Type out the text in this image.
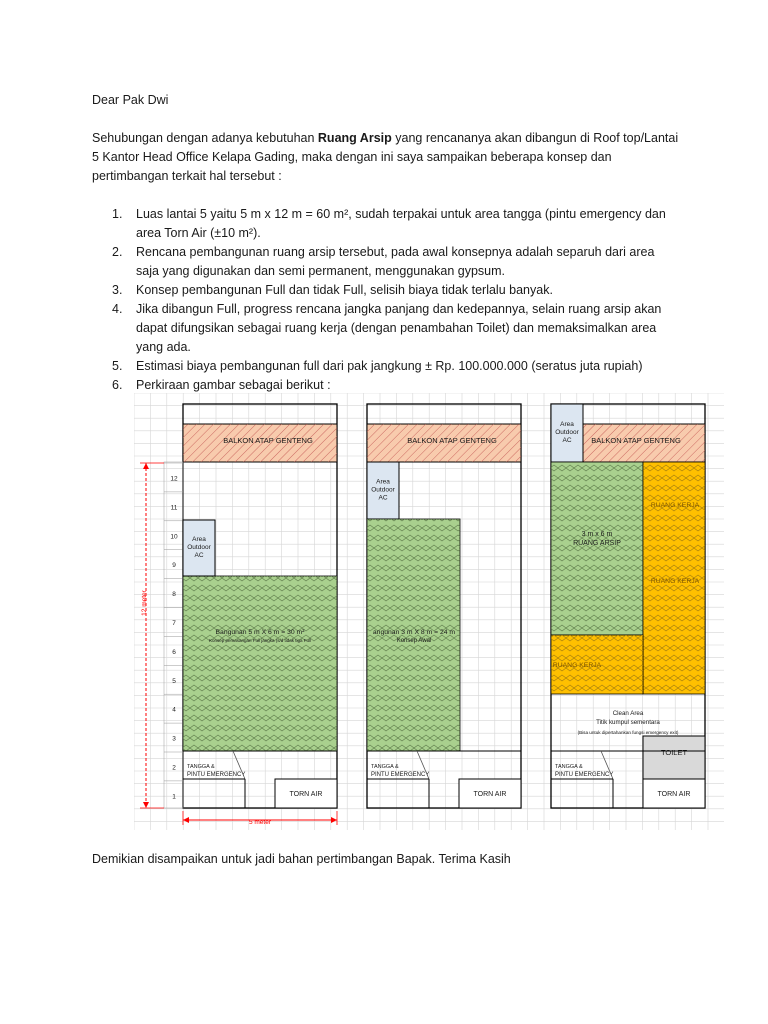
Dear Pak Dwi
Sehubungan dengan adanya kebutuhan Ruang Arsip yang rencananya akan dibangun di Roof top/Lantai
5 Kantor Head Office Kelapa Gading, maka dengan ini saya sampaikan beberapa konsep dan
pertimbangan terkait hal tersebut :
1. Luas lantai 5 yaitu 5 m x 12 m = 60 m², sudah terpakai untuk area tangga (pintu emergency dan
area Torn Air (±10 m²).
2. Rencana pembangunan ruang arsip tersebut, pada awal konsepnya adalah separuh dari area
saja yang digunakan dan semi permanent, menggunakan gypsum.
3. Konsep pembangunan Full dan tidak Full, selisih biaya tidak terlalu banyak.
4. Jika dibangun Full, progress rencana jangka panjang dan kedepannya, selain ruang arsip akan
dapat difungsikan sebagai ruang kerja (dengan penambahan Toilet) dan memaksimalkan area
yang ada.
5. Estimasi biaya pembangunan full dari pak jangkung ± Rp. 100.000.000 (seratus juta rupiah)
6. Perkiraan gambar sebagai berikut :
BALKON ATAP GENTENG
12
11
10
9
8
7
6
5
4
3
2
1
Area
Outdoor
AC
Bangunan 5 m X 6 m = 30 m²
Konsep pemasangan Full jangka (s/d tidak tiga Full
TANGGA &
PINTU EMERGENCY
TORN AIR
12 meter
5 meter
BALKON ATAP GENTENG
Area
Outdoor
AC
angunan 3 m X 8 m = 24 m
Konsep Awal
TANGGA &
PINTU EMERGENCY
TORN AIR
BALKON ATAP GENTENG
Area
Outdoor
AC
3 m x 6 m
RUANG ARSIP
RUANG KERJA
RUANG KERJA
RUANG KERJA
Clean Area
Titik kumpul sementara
(Bisa untuk dipertahankan fungsi emergency exit)
TOILET
TANGGA &
PINTU EMERGENCY
TORN AIR
Demikian disampaikan untuk jadi bahan pertimbangan Bapak. Terima Kasih
